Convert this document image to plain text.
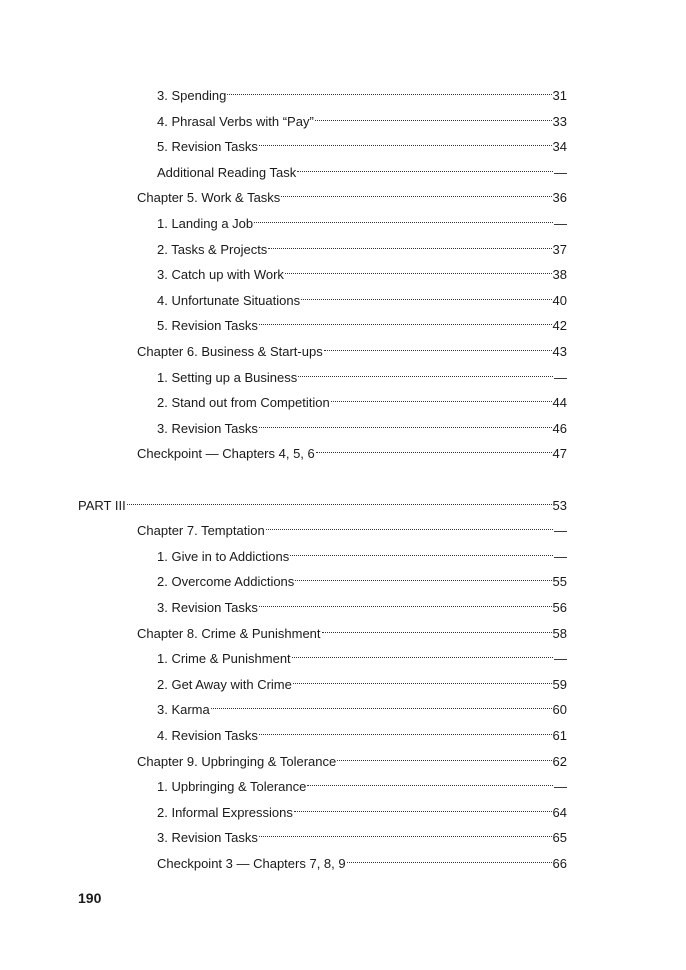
3. Spending	31
4. Phrasal Verbs with “Pay”	33
5. Revision Tasks	34
Additional Reading Task	—
Chapter 5. Work & Tasks	36
1. Landing a Job	—
2. Tasks & Projects	37
3. Catch up with Work	38
4. Unfortunate Situations	40
5. Revision Tasks	42
Chapter 6. Business & Start-ups	43
1. Setting up a Business	—
2. Stand out from Competition	44
3. Revision Tasks	46
Checkpoint — Chapters 4, 5, 6	47
PART III	53
Chapter 7. Temptation	—
1. Give in to Addictions	—
2. Overcome Addictions	55
3. Revision Tasks	56
Chapter 8. Crime & Punishment	58
1. Crime & Punishment	—
2. Get Away with Crime	59
3. Karma	60
4. Revision Tasks	61
Chapter 9. Upbringing & Tolerance	62
1. Upbringing & Tolerance	—
2. Informal Expressions	64
3. Revision Tasks	65
Checkpoint 3 — Chapters 7, 8, 9	66
190
